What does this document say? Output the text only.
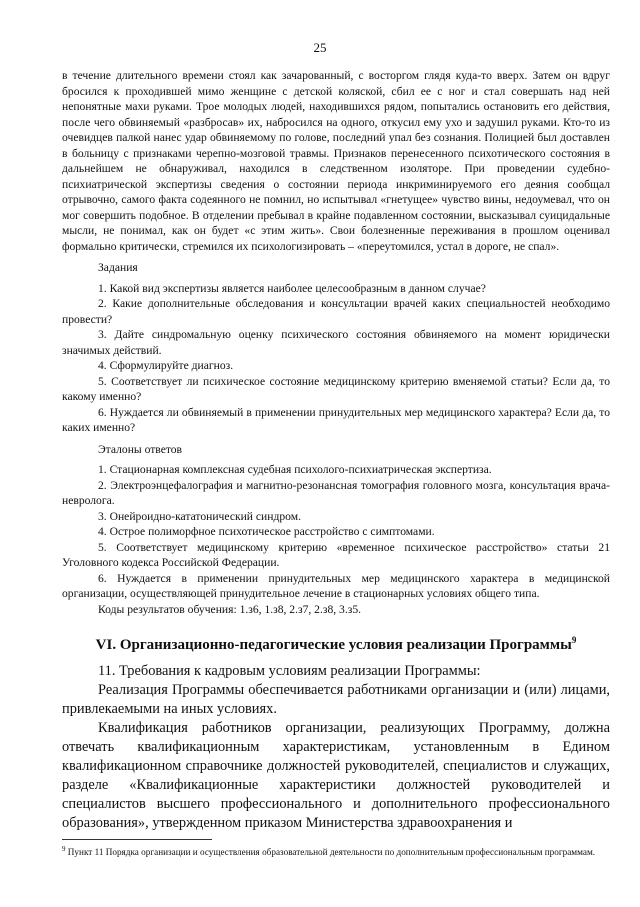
25

в течение длительного времени стоял как зачарованный, с восторгом глядя куда-то вверх. Затем он вдруг бросился к проходившей мимо женщине с детской коляской, сбил ее с ног и стал совершать над ней непонятные махи руками. Трое молодых людей, находившихся рядом, попытались остановить его действия, после чего обвиняемый «разбросав» их, набросился на одного, откусил ему ухо и задушил руками. Кто-то из очевидцев палкой нанес удар обвиняемому по голове, последний упал без сознания. Полицией был доставлен в больницу с признаками черепно-мозговой травмы. Признаков перенесенного психотического состояния в дальнейшем не обнаруживал, находился в следственном изоляторе. При проведении судебно-психиатрической экспертизы сведения о состоянии периода инкриминируемого его деяния сообщал отрывочно, самого факта содеянного не помнил, но испытывал «гнетущее» чувство вины, недоумевал, что он мог совершить подобное. В отделении пребывал в крайне подавленном состоянии, высказывал суицидальные мысли, не понимал, как он будет «с этим жить». Свои болезненные переживания в прошлом оценивал формально критически, стремился их психологизировать – «переутомился, устал в дороге, не спал».

Задания

1. Какой вид экспертизы является наиболее целесообразным в данном случае?

2. Какие дополнительные обследования и консультации врачей каких специальностей необходимо провести?

3. Дайте синдромальную оценку психического состояния обвиняемого на момент юридически значимых действий.

4. Сформулируйте диагноз.

5. Соответствует ли психическое состояние медицинскому критерию вменяемой статьи? Если да, то какому именно?

6. Нуждается ли обвиняемый в применении принудительных мер медицинского характера? Если да, то каких именно?

Эталоны ответов

1. Стационарная комплексная судебная психолого-психиатрическая экспертиза.

2. Электроэнцефалография и магнитно-резонансная томография головного мозга, консультация врача-невролога.

3. Онейроидно-кататонический синдром.

4. Острое полиморфное психотическое расстройство с симптомами.

5. Соответствует медицинскому критерию «временное психическое расстройство» статьи 21 Уголовного кодекса Российской Федерации.

6. Нуждается в применении принудительных мер медицинского характера в медицинской организации, осуществляющей принудительное лечение в стационарных условиях общего типа.

Коды результатов обучения: 1.з6, 1.з8, 2.з7, 2.з8, 3.з5.

VI. Организационно-педагогические условия реализации Программы$^9$

11. Требования к кадровым условиям реализации Программы:

Реализация Программы обеспечивается работниками организации и (или) лицами, привлекаемыми на иных условиях.

Квалификация работников организации, реализующих Программу, должна отвечать квалификационным характеристикам, установленным в Едином квалификационном справочнике должностей руководителей, специалистов и служащих, разделе «Квалификационные характеристики должностей руководителей и специалистов высшего профессионального и дополнительного профессионального образования», утвержденном приказом Министерства здравоохранения и

$^9$ Пункт 11 Порядка организации и осуществления образовательной деятельности по дополнительным профессиональным программам.
